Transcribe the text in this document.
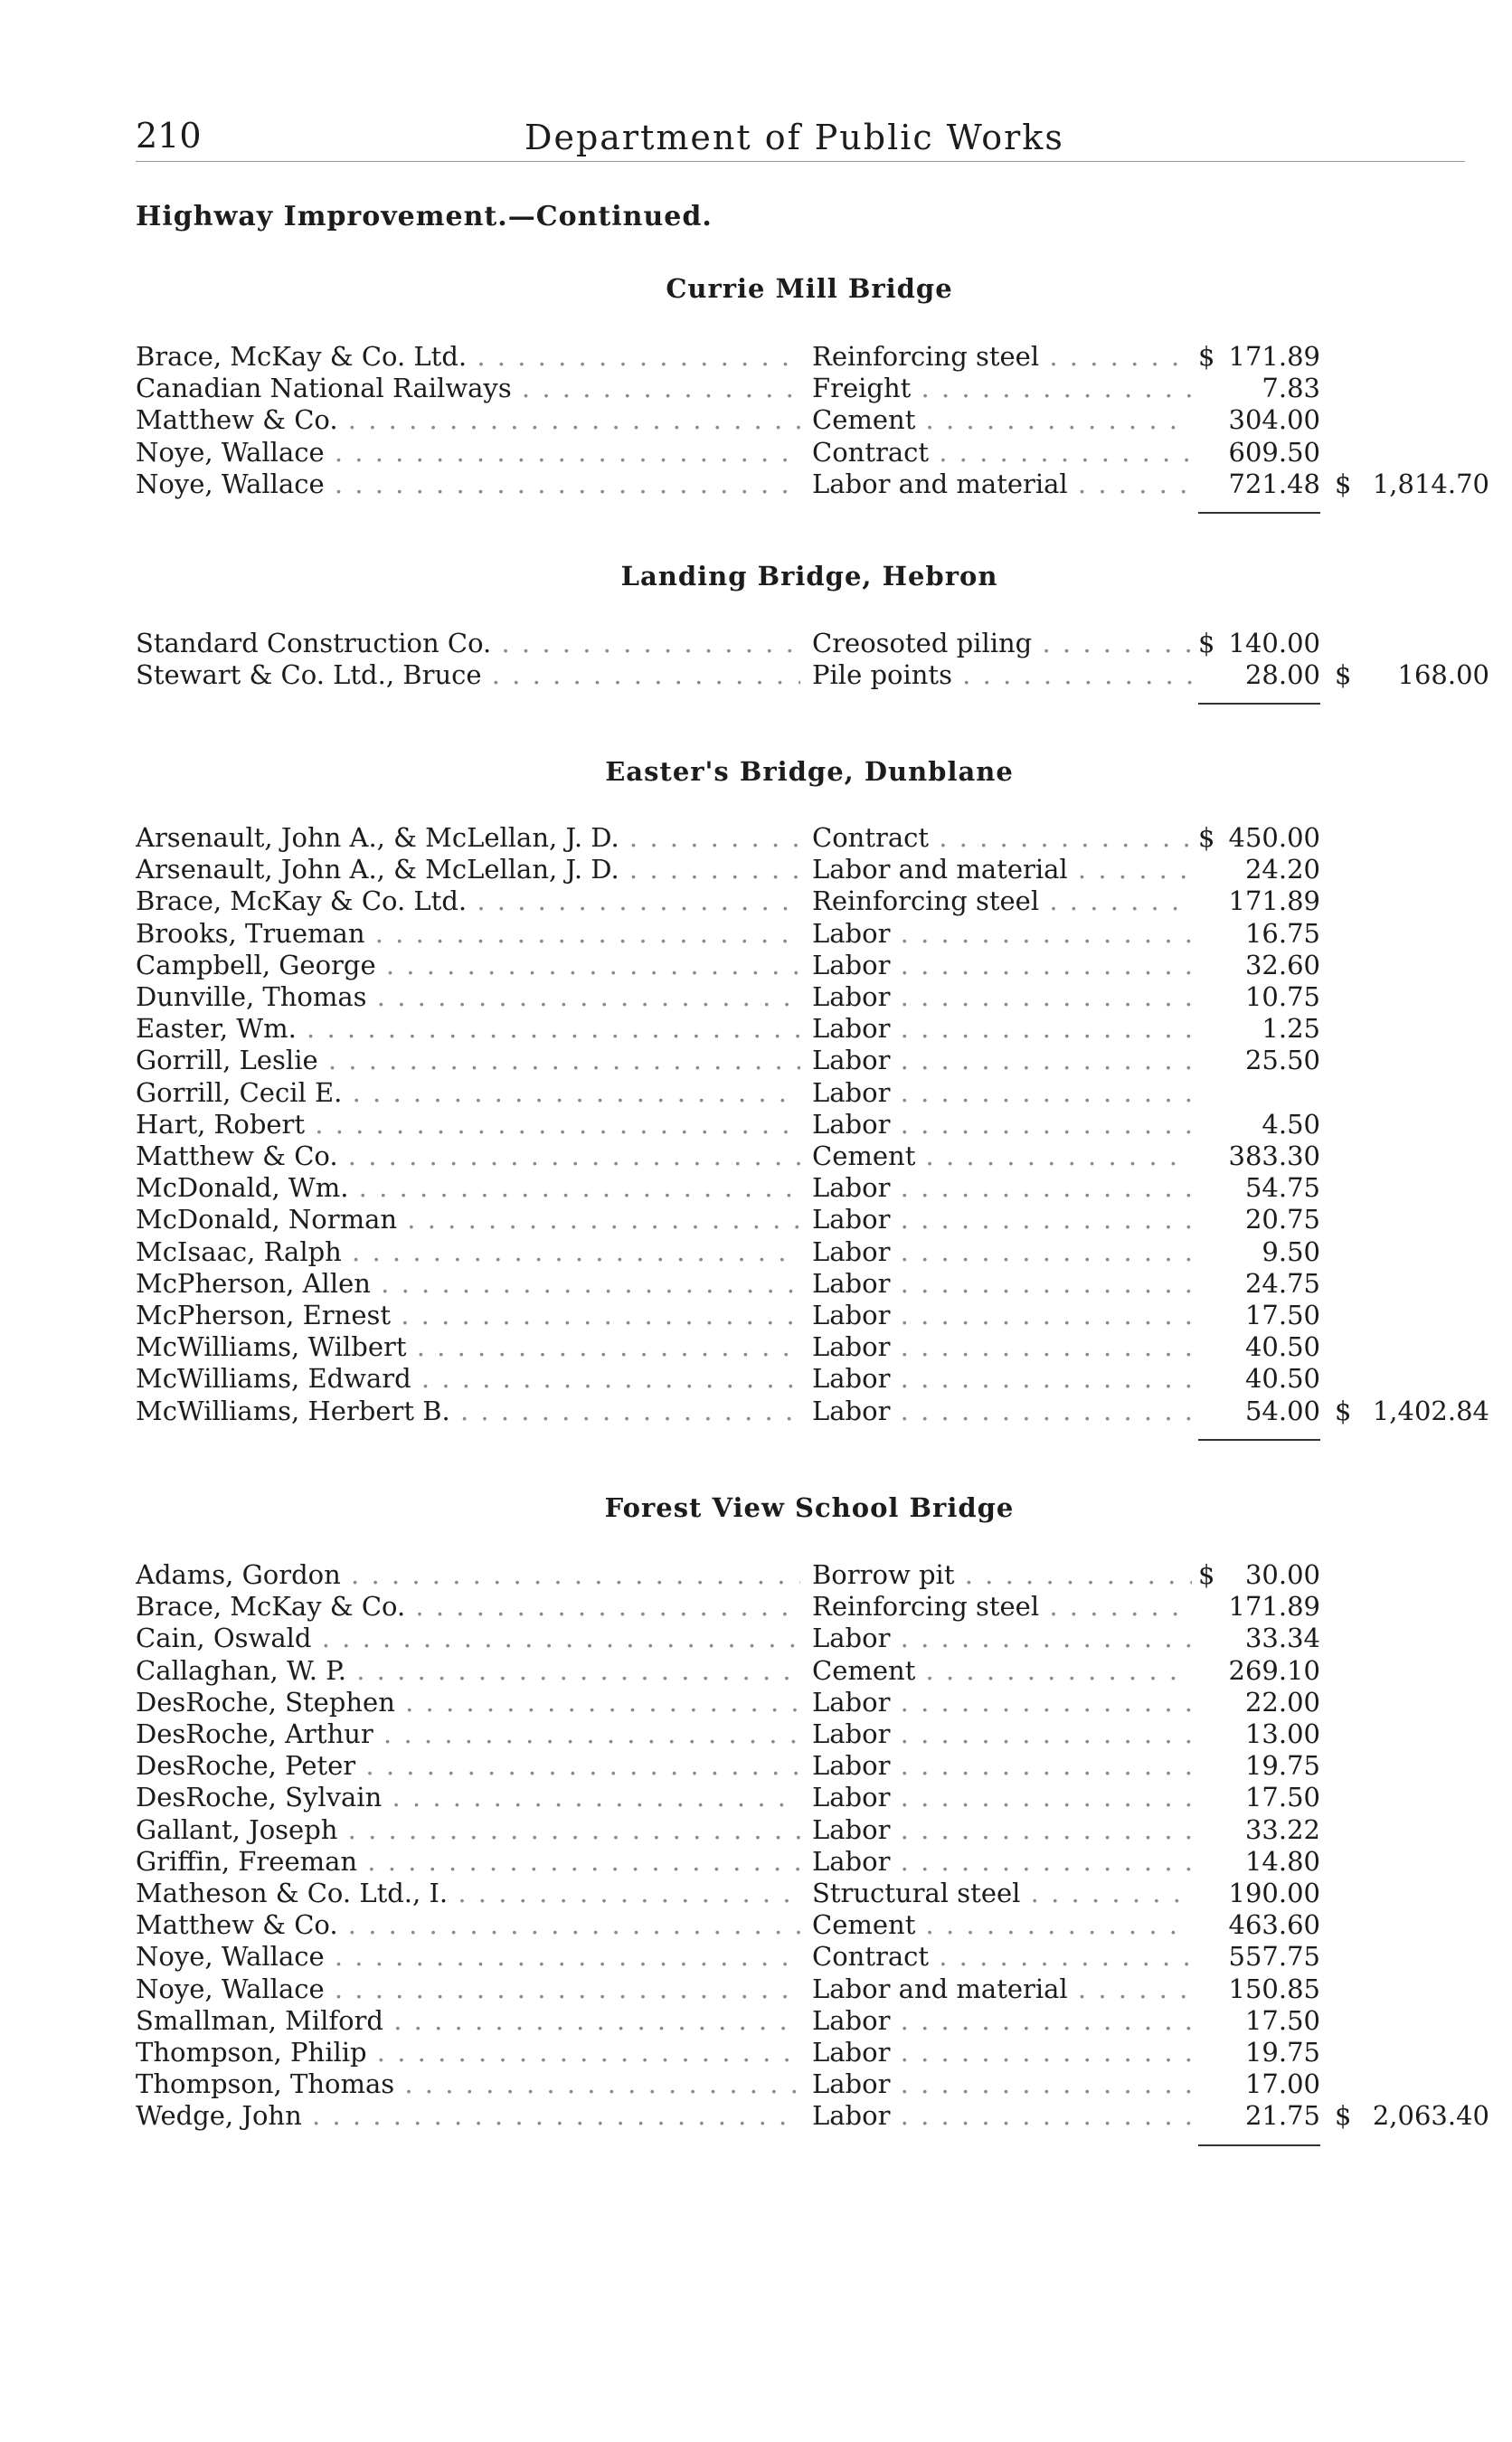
210	Department of Public Works
Highway Improvement.—Continued.
Currie Mill Bridge
Brace, McKay & Co. Ltd. . . .	Reinforcing steel . . .	$ 171.89
Canadian National Railways . . .	Freight . . .	7.83
Matthew & Co. . . .	Cement . . .	304.00
Noye, Wallace . . .	Contract . . .	609.50
Noye, Wallace . . .	Labor and material . . .	721.48 $ 1,814.70
Landing Bridge, Hebron
Standard Construction Co. . . .	Creosoted piling . . .	$ 140.00
Stewart & Co. Ltd., Bruce . . .	Pile points . . .	28.00 $	168.00
Easter's Bridge, Dunblane
Arsenault, John A., & McLellan, J. D. . . .	Contract . . .	$ 450.00
Arsenault, John A., & McLellan, J. D. . . .	Labor and material . . .	24.20
Brace, McKay & Co. Ltd. . . .	Reinforcing steel . . .	171.89
Brooks, Trueman . . .	Labor . . .	16.75
Campbell, George . . .	Labor . . .	32.60
Dunville, Thomas . . .	Labor . . .	10.75
Easter, Wm. . . .	Labor . . .	1.25
Gorrill, Leslie . . .	Labor . . .	25.50
Gorrill, Cecil E. . . .	Labor . . .
Hart, Robert . . .	Labor . . .	4.50
Matthew & Co. . . .	Cement . . .	383.30
McDonald, Wm. . . .	Labor . . .	54.75
McDonald, Norman . . .	Labor . . .	20.75
McIsaac, Ralph . . .	Labor . . .	9.50
McPherson, Allen . . .	Labor . . .	24.75
McPherson, Ernest . . .	Labor . . .	17.50
McWilliams, Wilbert . . .	Labor . . .	40.50
McWilliams, Edward . . .	Labor . . .	40.50
McWilliams, Herbert B. . . .	Labor . . .	54.00 $ 1,402.84
Forest View School Bridge
Adams, Gordon . . .	Borrow pit . . .	$	30.00
Brace, McKay & Co. . . .	Reinforcing steel . . .	171.89
Cain, Oswald . . .	Labor . . .	33.34
Callaghan, W. P. . . .	Cement . . .	269.10
DesRoche, Stephen . . .	Labor . . .	22.00
DesRoche, Arthur . . .	Labor . . .	13.00
DesRoche, Peter . . .	Labor . . .	19.75
DesRoche, Sylvain . . .	Labor . . .	17.50
Gallant, Joseph . . .	Labor . . .	33.22
Griffin, Freeman . . .	Labor . . .	14.80
Matheson & Co. Ltd., I. . . .	Structural steel . . .	190.00
Matthew & Co. . . .	Cement . . .	463.60
Noye, Wallace . . .	Contract . . .	557.75
Noye, Wallace . . .	Labor and material . . .	150.85
Smallman, Milford . . .	Labor . . .	17.50
Thompson, Philip . . .	Labor . . .	19.75
Thompson, Thomas . . .	Labor . . .	17.00
Wedge, John . . .	Labor . . .	21.75 $ 2,063.40
